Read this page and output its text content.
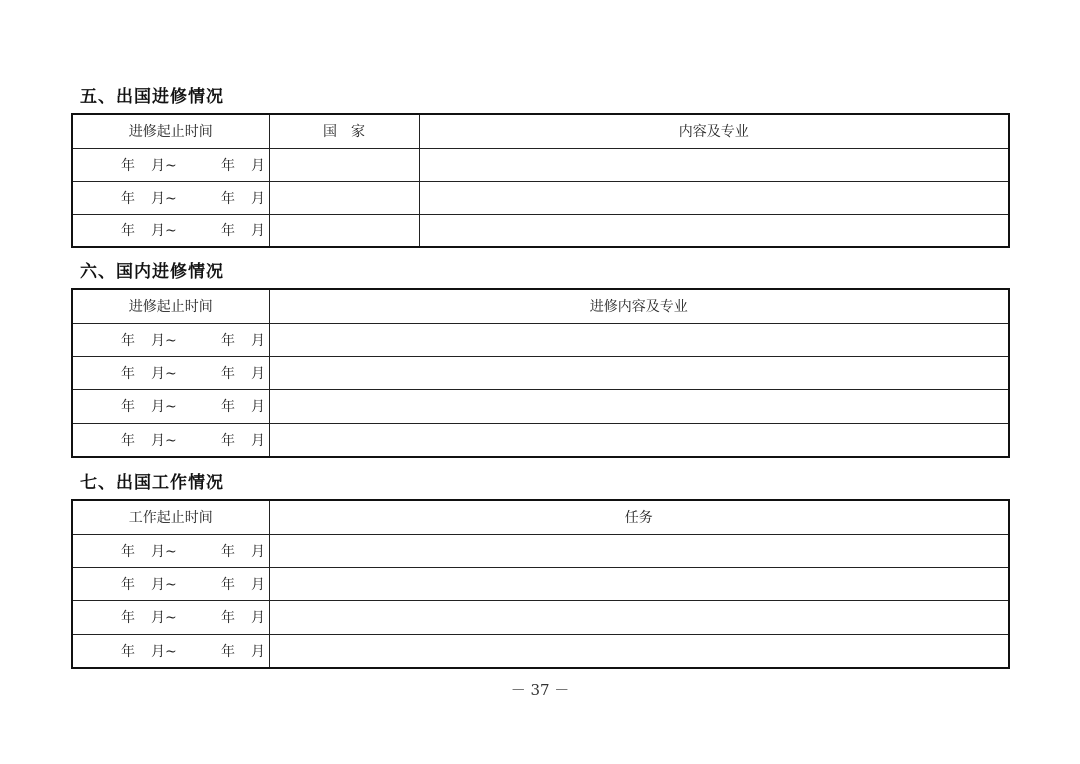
五、出国进修情况
进修起止时间	国　家	内容及专业

年 月~ 年 月		

年 月~ 年 月		

年 月~ 年 月		

六、国内进修情况
进修起止时间	进修内容及专业

年 月~ 年 月	

年 月~ 年 月	

年 月~ 年 月	

年 月~ 年 月	

七、出国工作情况
工作起止时间	任务

年 月~ 年 月	

年 月~ 年 月	

年 月~ 年 月	

年 月~ 年 月	

－ 37 －
